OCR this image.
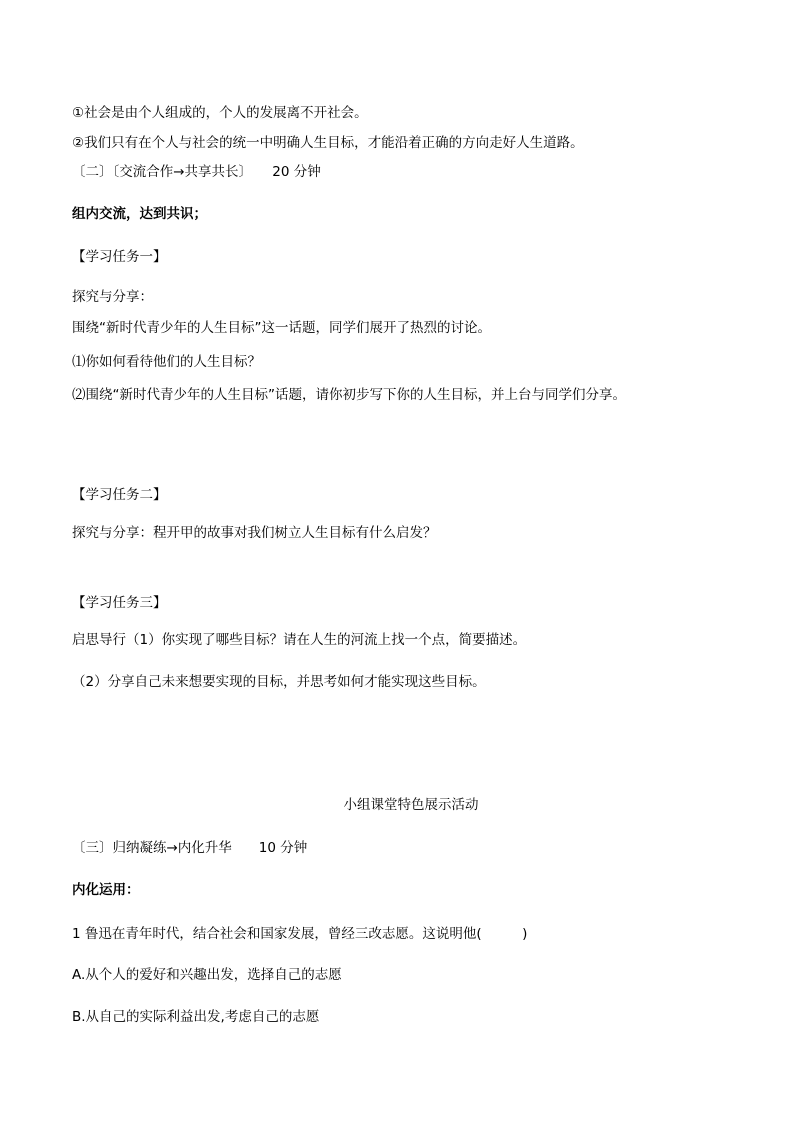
①社会是由个人组成的，个人的发展离不开社会。
②我们只有在个人与社会的统一中明确人生目标，才能沿着正确的方向走好人生道路。
〔二〕〔交流合作→共享共长〕　　20 分钟
组内交流，达到共识；
【学习任务一】
探究与分享：
围绕“新时代青少年的人生目标”这一话题，同学们展开了热烈的讨论。
⑴你如何看待他们的人生目标？
⑵围绕“新时代青少年的人生目标”话题，请你初步写下你的人生目标，并上台与同学们分享。
【学习任务二】
探究与分享：程开甲的故事对我们树立人生目标有什么启发？
【学习任务三】
启思导行（1）你实现了哪些目标？请在人生的河流上找一个点，简要描述。
（2）分享自己未来想要实现的目标，并思考如何才能实现这些目标。
小组课堂特色展示活动
〔三〕归纳凝练→内化升华　　10 分钟
内化运用：
1 鲁迅在青年时代，结合社会和国家发展，曾经三改志愿。这说明他(　　　)
A.从个人的爱好和兴趣出发，选择自己的志愿
B.从自己的实际利益出发,考虑自己的志愿
